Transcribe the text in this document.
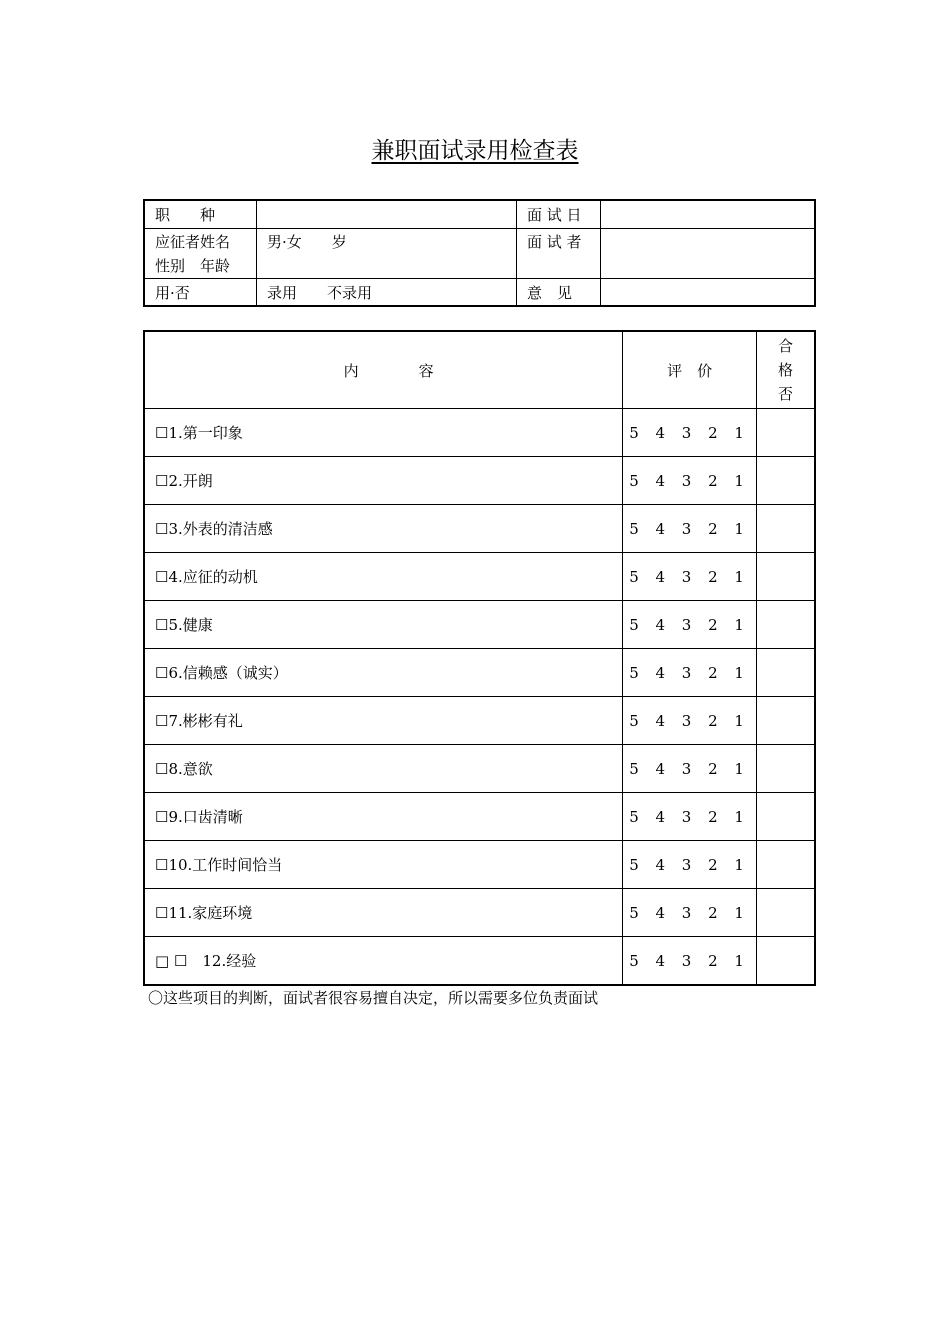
兼职面试录用检查表
职　　种		面 试 日	

应征者姓名
性别　年龄	男·女　　岁	面 试 者	
用·否	录用　　不录用	意　见	
内　　　　容	评　价	合
格
否

☐1.第一印象	5 4 3 2 1	
☐2.开朗	5 4 3 2 1	
☐3.外表的清洁感	5 4 3 2 1	
☐4.应征的动机	5 4 3 2 1	
☐5.健康	5 4 3 2 1	
☐6.信赖感（诚实）	5 4 3 2 1	
☐7.彬彬有礼	5 4 3 2 1	
☐8.意欲	5 4 3 2 1	
☐9.口齿清晰	5 4 3 2 1	
☐10.工作时间恰当	5 4 3 2 1	
☐11.家庭环境	5 4 3 2 1	
□ ☐　12.经验	5 4 3 2 1	
〇这些项目的判断，面试者很容易擅自决定，所以需要多位负责面试
